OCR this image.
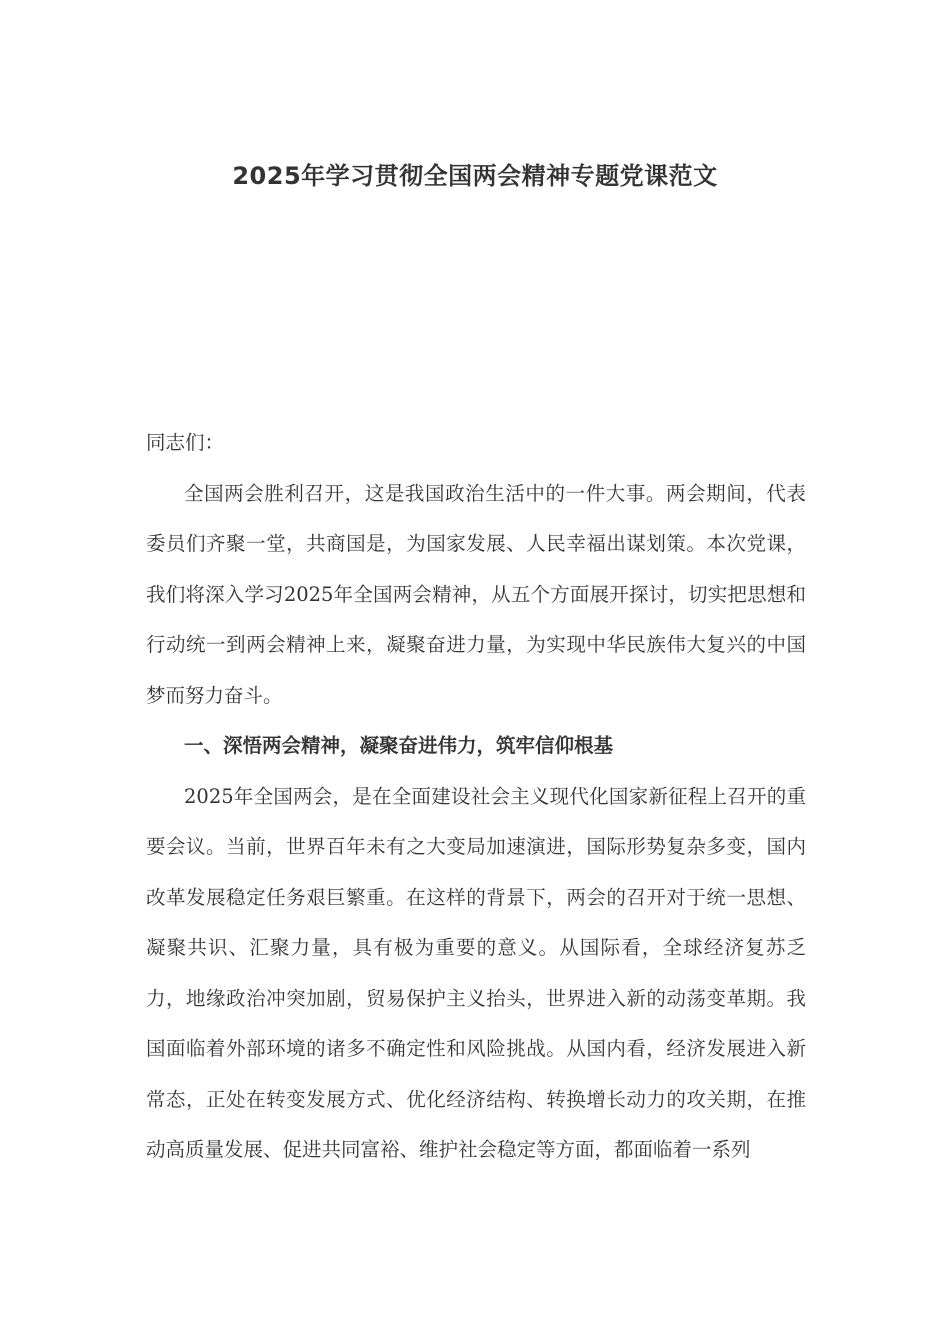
2025年学习贯彻全国两会精神专题党课范文

同志们：

全国两会胜利召开，这是我国政治生活中的一件大事。两会期间，代表委员们齐聚一堂，共商国是，为国家发展、人民幸福出谋划策。本次党课，我们将深入学习2025年全国两会精神，从五个方面展开探讨，切实把思想和行动统一到两会精神上来，凝聚奋进力量，为实现中华民族伟大复兴的中国梦而努力奋斗。

一、深悟两会精神，凝聚奋进伟力，筑牢信仰根基

2025年全国两会，是在全面建设社会主义现代化国家新征程上召开的重要会议。当前，世界百年未有之大变局加速演进，国际形势复杂多变，国内改革发展稳定任务艰巨繁重。在这样的背景下，两会的召开对于统一思想、凝聚共识、汇聚力量，具有极为重要的意义。从国际看，全球经济复苏乏力，地缘政治冲突加剧，贸易保护主义抬头，世界进入新的动荡变革期。我国面临着外部环境的诸多不确定性和风险挑战。从国内看，经济发展进入新常态，正处在转变发展方式、优化经济结构、转换增长动力的攻关期，在推动高质量发展、促进共同富裕、维护社会稳定等方面，都面临着一系列
